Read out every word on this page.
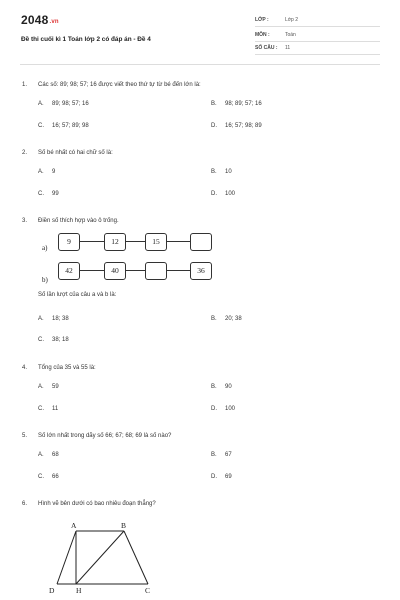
2048.vn
Đề thi cuối kì 1 Toán lớp 2 có đáp án - Đề 4
LỚP :	Lớp 2
MÔN :	Toán
SỐ CÂU : 11
1. Các số: 89; 98; 57; 16 được viết theo thứ tự từ bé đến lớn là:
A. 89; 98; 57; 16	B. 98; 89; 57; 16
C. 16; 57; 89; 98	D. 16; 57; 98; 89
2. Số bé nhất có hai chữ số là:
A. 9	B. 10
C. 99	D. 100
3. Điền số thích hợp vào ô trống.
a)
9	12	15
b)
42	40	36
Số lần lượt của câu a và b là:
A. 18; 38	B. 20; 38
C. 38; 18
4. Tổng của 35 và 55 là:
A. 59	B. 90
C. 11	D. 100
5. Số lớn nhất trong dãy số 66; 67; 68; 69 là số nào?
A. 68	B. 67
C. 66	D. 69
6. Hình vẽ bên dưới có bao nhiêu đoạn thẳng?
A	B
D	H	C
